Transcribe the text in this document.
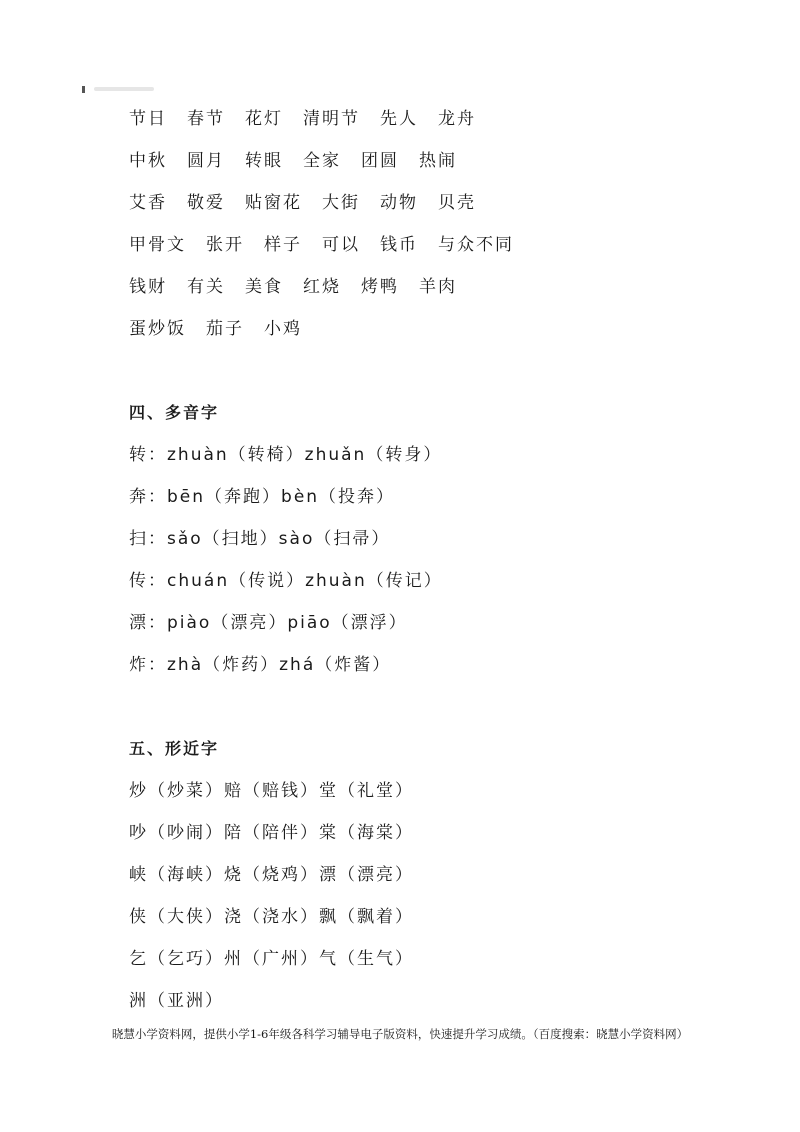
节日 春节 花灯 清明节 先人 龙舟
中秋 圆月 转眼 全家 团圆 热闹
艾香 敬爱 贴窗花 大街 动物 贝壳
甲骨文 张开 样子 可以 钱币 与众不同
钱财 有关 美食 红烧 烤鸭 羊肉
蛋炒饭 茄子 小鸡
四、多音字
转：zhuàn（转椅）zhuǎn（转身）
奔：bēn（奔跑）bèn（投奔）
扫：sǎo（扫地）sào（扫帚）
传：chuán（传说）zhuàn（传记）
漂：piào（漂亮）piāo（漂浮）
炸：zhà（炸药）zhá（炸酱）
五、形近字
炒（炒菜）赔（赔钱）堂（礼堂）
吵（吵闹）陪（陪伴）棠（海棠）
峡（海峡）烧（烧鸡）漂（漂亮）
侠（大侠）浇（浇水）飘（飘着）
乞（乞巧）州（广州）气（生气）
洲（亚洲）
晓慧小学资料网，提供小学1-6年级各科学习辅导电子版资料，快速提升学习成绩。（百度搜索：晓慧小学资料网）
